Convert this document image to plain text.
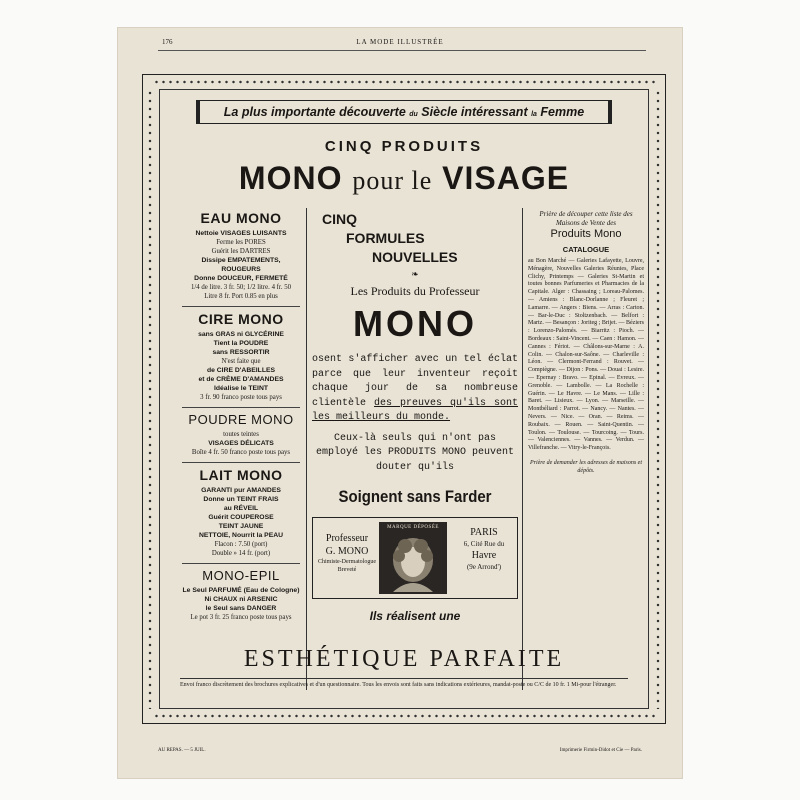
176	LA MODE ILLUSTRÉE
La plus importante découverte du Siècle intéressant la Femme
CINQ PRODUITS
MONO pour le VISAGE
EAU MONO
Nettoie VISAGES LUISANTS
Ferme les PORES
Guérit les DARTRES
Dissipe EMPATEMENTS, ROUGEURS
Donne DOUCEUR, FERMETÉ
1/4 de litre. 3 fr. 50; 1/2 litre. 4 fr. 50
Litre 8 fr. Port 0.85 en plus
CIRE MONO
sans GRAS ni GLYCÉRINE
Tient la POUDRE
sans RESSORTIR
N'est faite que
de CIRE D'ABEILLES
et de CRÈME D'AMANDES
Idéalise le TEINT
3 fr. 90 franco poste tous pays
POUDRE MONO
toutes teintes
VISAGES DÉLICATS
Boîte 4 fr. 50 franco poste tous pays
LAIT MONO
GARANTI pur AMANDES
Donne un TEINT FRAIS
au RÉVEIL
Guérit COUPEROSE
TEINT JAUNE
NETTOIE, Nourrit la PEAU
Flacon : 7.50 (port)
Double » 14 fr. (port)
MONO-EPIL
Le Seul PARFUMÉ (Eau de Cologne)
Ni CHAUX ni ARSENIC
le Seul sans DANGER
Le pot 3 fr. 25 franco poste tous pays
CINQ
FORMULES
NOUVELLES
❧
Les Produits du Professeur
MONO
osent s'afficher avec un tel éclat parce que leur inventeur reçoit chaque jour de sa nombreuse clientèle des preuves qu'ils sont les meilleurs du monde.
Ceux-là seuls qui n'ont pas employé les PRODUITS MONO peuvent douter qu'ils
Soignent sans Farder
Professeur
G. MONO
Chimiste-Dermatologue
Breveté
MARQUE DÉPOSÉE	PARIS
6, Cité Rue du
Havre
(9e Arrond')
Ils réalisent une
Prière de découper cette liste des Maisons de Vente des
Produits Mono
CATALOGUE
au Bon Marché — Galeries Lafayette, Louvre, Ménagère, Nouvelles Galeries Réunies, Place Clichy, Printemps — Galeries St-Martin et toutes bonnes Parfumeries et Pharmacies de la Capitale. Alger : Chassaing ; Loreau-Palomes. — Amiens : Blanc-Dorlanne ; Fleuret ; Lamarre. — Angers : Biens. — Arras : Carton. — Bar-le-Duc : Stoltzenbach. — Belfort : Martz. — Besançon : Joriteg ; Brijet. — Béziers : Lorenzo-Palomés. — Biarritz : Pioch. — Bordeaux : Saint-Vincent. — Caen : Hamon. — Cannes : Fériot. — Châlons-sur-Marne : A. Colin. — Chalon-sur-Saône. — Charleville : Léon. — Clermont-Ferrand : Rouvet. — Compiègne. — Dijon : Pons. — Douai : Lesire. — Epernay : Bravo. — Epinal. — Evreux. — Grenoble. — Lambolle. — La Rochelle : Guérin. — Le Havre. — Le Mans. — Lille : Baret. — Lisieux. — Lyon. — Marseille. — Montbéliard : Parrot. — Nancy. — Nantes. — Nevers. — Nice. — Oran. — Reims. — Roubaix. — Rouen. — Saint-Quentin. — Toulon. — Toulouse. — Tourcoing. — Tours. — Valenciennes. — Vannes. — Verdun. — Villefranche. — Vitry-le-François.
Prière de demander les adresses de maisons et dépôts.
ESTHÉTIQUE PARFAITE
Envoi franco discrètement des brochures explicatives et d'un questionnaire. Tous les envois sont faits sans indications extérieures, mandat-poste ou C/C de 10 fr. 1 Mi-pour l'étranger.
AU REPAS. — 5 JUIL.	Imprimerie Firmin-Didot et Cie — Paris.
